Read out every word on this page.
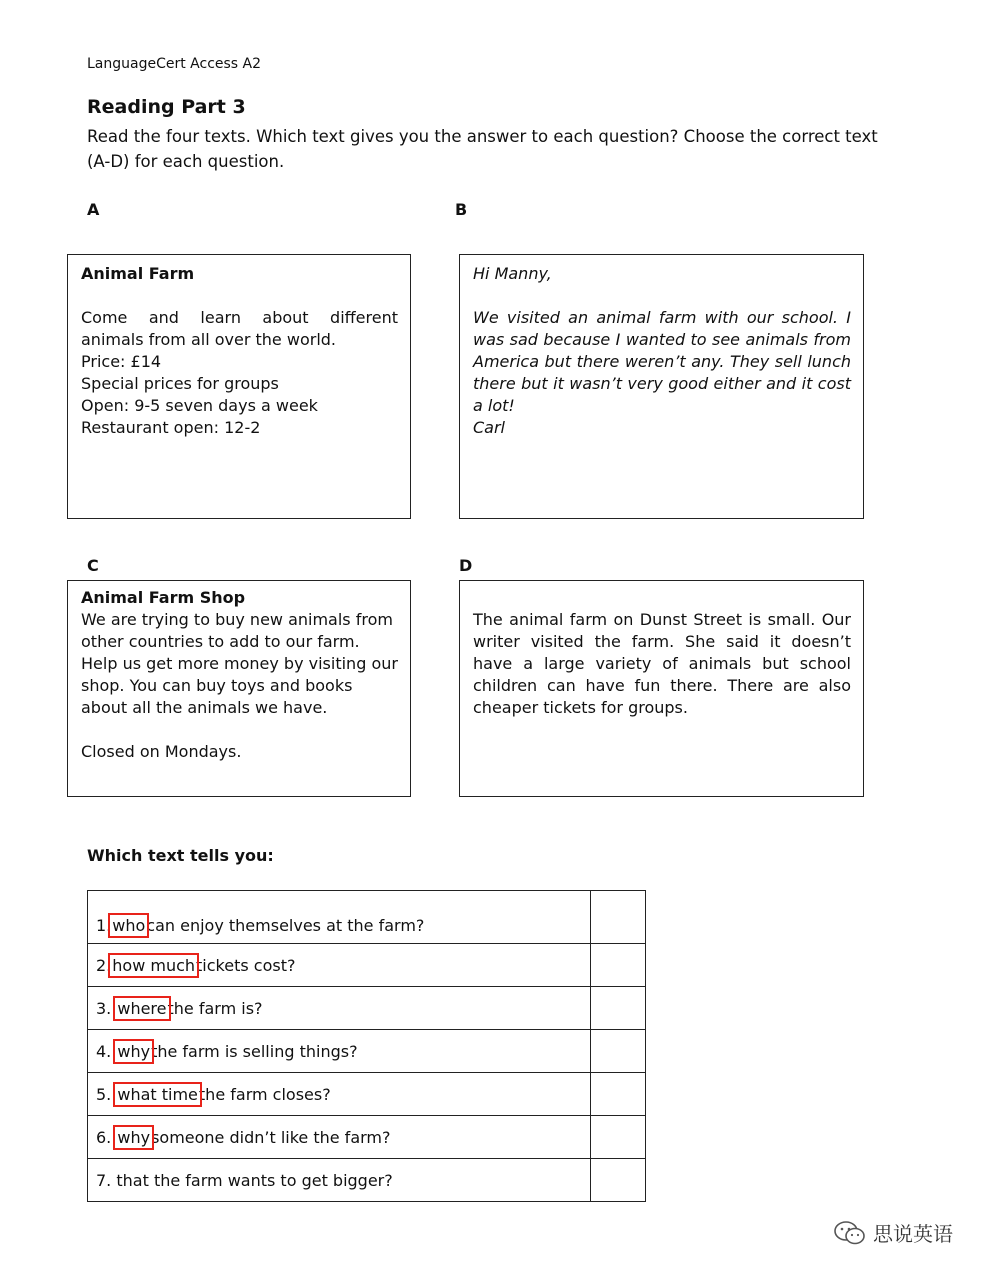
LanguageCert Access A2
Reading Part 3
Read the four texts. Which text gives you the answer to each question? Choose the correct text (A-D) for each question.
A	B
C	D

Animal Farm

Come and learn about different animals from all over the world.

Price: £14

Special prices for groups

Open: 9-5 seven days a week

Restaurant open: 12-2

Hi Manny,

We visited an animal farm with our school. I was sad because I wanted to see animals from America but there weren’t any. They sell lunch there but it wasn’t very good either and it cost a lot!

Carl

Animal Farm Shop

We are trying to buy new animals from other countries to add to our farm. Help us get more money by visiting our shop. You can buy toys and books about all the animals we have.

Closed on Mondays.

The animal farm on Dunst Street is small. Our writer visited the farm. She said it doesn’t have a large variety of animals but school children can have fun there. There are also cheaper tickets for groups.

Which text tells you:
1.whocan enjoy themselves at the farm?	
2.how muchtickets cost?	
3. wherethe farm is?	
4. whythe farm is selling things?	
5. what timethe farm closes?	
6. whysomeone didn’t like the farm?	
7. that the farm wants to get bigger?	
思说英语
